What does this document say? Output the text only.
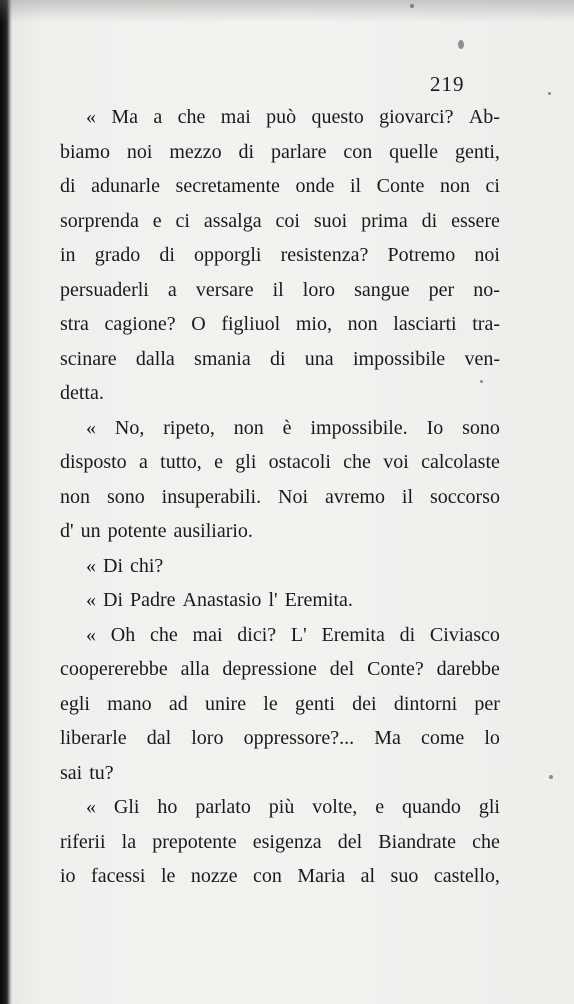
219
« Ma a che mai può questo giovarci? Ab-
biamo noi mezzo di parlare con quelle genti,
di adunarle secretamente onde il Conte non ci
sorprenda e ci assalga coi suoi prima di essere
in grado di opporgli resistenza? Potremo noi
persuaderli a versare il loro sangue per no-
stra cagione? O figliuol mio, non lasciarti tra-
scinare dalla smania di una impossibile ven-
detta.
« No, ripeto, non è impossibile. Io sono
disposto a tutto, e gli ostacoli che voi calcolaste
non sono insuperabili. Noi avremo il soccorso
d' un potente ausiliario.
« Di chi?
« Di Padre Anastasio l' Eremita.
« Oh che mai dici? L' Eremita di Civiasco
coopererebbe alla depressione del Conte? darebbe
egli mano ad unire le genti dei dintorni per
liberarle dal loro oppressore?... Ma come lo
sai tu?
« Gli ho parlato più volte, e quando gli
riferii la prepotente esigenza del Biandrate che
io facessi le nozze con Maria al suo castello,
